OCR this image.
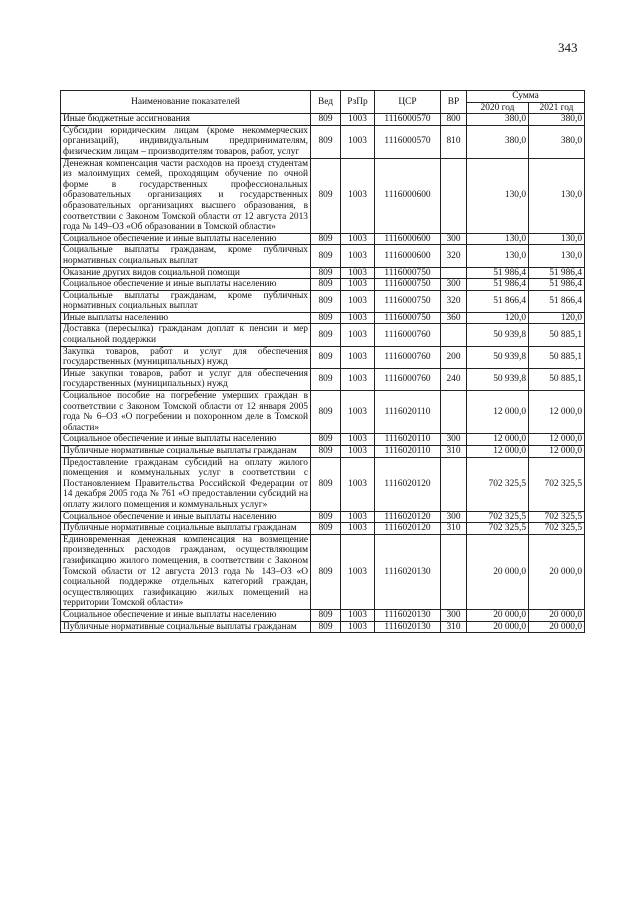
343
Наименование показателей	Вед	РзПр	ЦСР	ВР	Сумма	
					2020 год	2021 год
Иные бюджетные ассигнования	809	1003	1116000570	800	380,0	380,0
Субсидии юридическим лицам (кроме некоммерческих организаций), индивидуальным предпринимателям, физическим лицам – производителям товаров, работ, услуг	809	1003	1116000570	810	380,0	380,0
Денежная компенсация части расходов на проезд студентам из малоимущих семей, проходящим обучение по очной форме в государственных профессиональных образовательных организациях и государственных образовательных организациях высшего образования, в соответствии с Законом Томской области от 12 августа 2013 года № 149–ОЗ «Об образовании в Томской области»	809	1003	1116000600		130,0	130,0
Социальное обеспечение и иные выплаты населению	809	1003	1116000600	300	130,0	130,0
Социальные выплаты гражданам, кроме публичных нормативных социальных выплат	809	1003	1116000600	320	130,0	130,0
Оказание других видов социальной помощи	809	1003	1116000750		51 986,4	51 986,4
Социальное обеспечение и иные выплаты населению	809	1003	1116000750	300	51 986,4	51 986,4
Социальные выплаты гражданам, кроме публичных нормативных социальных выплат	809	1003	1116000750	320	51 866,4	51 866,4
Иные выплаты населению	809	1003	1116000750	360	120,0	120,0
Доставка (пересылка) гражданам доплат к пенсии и мер социальной поддержки	809	1003	1116000760		50 939,8	50 885,1
Закупка товаров, работ и услуг для обеспечения государственных (муниципальных) нужд	809	1003	1116000760	200	50 939,8	50 885,1
Иные закупки товаров, работ и услуг для обеспечения государственных (муниципальных) нужд	809	1003	1116000760	240	50 939,8	50 885,1
Социальное пособие на погребение умерших граждан в соответствии с Законом Томской области от 12 января 2005 года № 6–ОЗ «О погребении и похоронном деле в Томской области»	809	1003	1116020110		12 000,0	12 000,0
Социальное обеспечение и иные выплаты населению	809	1003	1116020110	300	12 000,0	12 000,0
Публичные нормативные социальные выплаты гражданам	809	1003	1116020110	310	12 000,0	12 000,0
Предоставление гражданам субсидий на оплату жилого помещения и коммунальных услуг в соответствии с Постановлением Правительства Российской Федерации от 14 декабря 2005 года № 761 «О предоставлении субсидий на оплату жилого помещения и коммунальных услуг»	809	1003	1116020120		702 325,5	702 325,5
Социальное обеспечение и иные выплаты населению	809	1003	1116020120	300	702 325,5	702 325,5
Публичные нормативные социальные выплаты гражданам	809	1003	1116020120	310	702 325,5	702 325,5
Единовременная денежная компенсация на возмещение произведенных расходов гражданам, осуществляющим газификацию жилого помещения, в соответствии с Законом Томской области от 12 августа 2013 года № 143–ОЗ «О социальной поддержке отдельных категорий граждан, осуществляющих газификацию жилых помещений на территории Томской области»	809	1003	1116020130		20 000,0	20 000,0
Социальное обеспечение и иные выплаты населению	809	1003	1116020130	300	20 000,0	20 000,0
Публичные нормативные социальные выплаты гражданам	809	1003	1116020130	310	20 000,0	20 000,0
